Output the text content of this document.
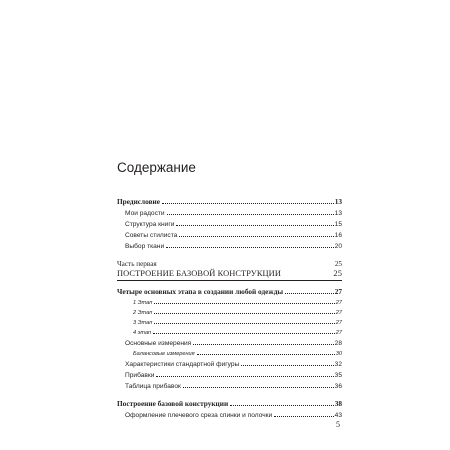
Содержание
Предисловие	13
Мои радости	13
Структура книги	15
Советы стилиста	16
Выбор ткани	20
Часть первая	25
ПОСТРОЕНИЕ БАЗОВОЙ КОНСТРУКЦИИ	25
Четыре основных этапа в создании любой одежды	27
1 Этап	27
2 Этап	27
3 Этап	27
4 этап	27
Основные измерения	28
Балансовые измерения	30
Характеристики стандартной фигуры	32
Прибавки	35
Таблица прибавок	36
Построение базовой конструкции	38
Оформление плечевого среза спинки и полочки	43
5
